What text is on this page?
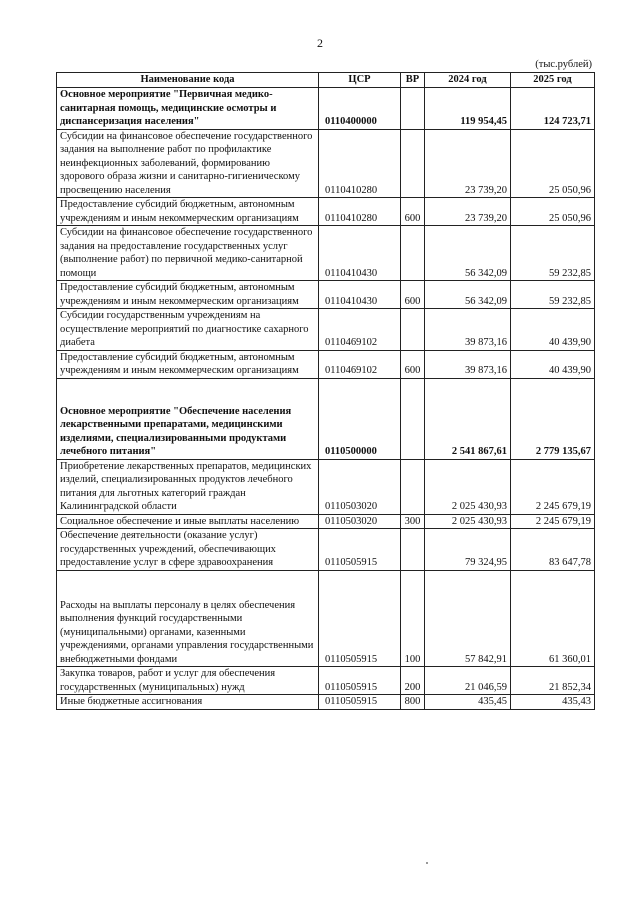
2
(тыс.рублей)
Наименование кода	ЦСР	ВР	2024 год	2025 год
Основное мероприятие "Первичная медико-санитарная помощь, медицинские осмотры и диспансеризация населения"	0110400000		119 954,45	124 723,71
Субсидии на финансовое обеспечение государственного задания на выполнение работ по профилактике неинфекционных заболеваний, формированию здорового образа жизни и санитарно-гигиеническому просвещению населения	0110410280		23 739,20	25 050,96
Предоставление субсидий бюджетным, автономным учреждениям и иным некоммерческим организациям	0110410280	600	23 739,20	25 050,96
Субсидии на финансовое обеспечение государственного задания на предоставление государственных услуг (выполнение работ) по первичной медико-санитарной помощи	0110410430		56 342,09	59 232,85
Предоставление субсидий бюджетным, автономным учреждениям и иным некоммерческим организациям	0110410430	600	56 342,09	59 232,85
Субсидии государственным учреждениям на осуществление мероприятий по диагностике сахарного диабета	0110469102		39 873,16	40 439,90
Предоставление субсидий бюджетным, автономным учреждениям и иным некоммерческим организациям	0110469102	600	39 873,16	40 439,90
Основное мероприятие "Обеспечение населения лекарственными препаратами, медицинскими изделиями, специализированными продуктами лечебного питания"	0110500000		2 541 867,61	2 779 135,67
Приобретение лекарственных препаратов, медицинских изделий, специализированных продуктов лечебного питания для льготных категорий граждан Калининградской области	0110503020		2 025 430,93	2 245 679,19
Социальное обеспечение и иные выплаты населению	0110503020	300	2 025 430,93	2 245 679,19
Обеспечение деятельности (оказание услуг) государственных учреждений, обеспечивающих предоставление услуг в сфере здравоохранения	0110505915		79 324,95	83 647,78
Расходы на выплаты персоналу в целях обеспечения выполнения функций государственными (муниципальными) органами, казенными учреждениями, органами управления государственными внебюджетными фондами	0110505915	100	57 842,91	61 360,01
Закупка товаров, работ и услуг для обеспечения государственных (муниципальных) нужд	0110505915	200	21 046,59	21 852,34
Иные бюджетные ассигнования	0110505915	800	435,45	435,43
